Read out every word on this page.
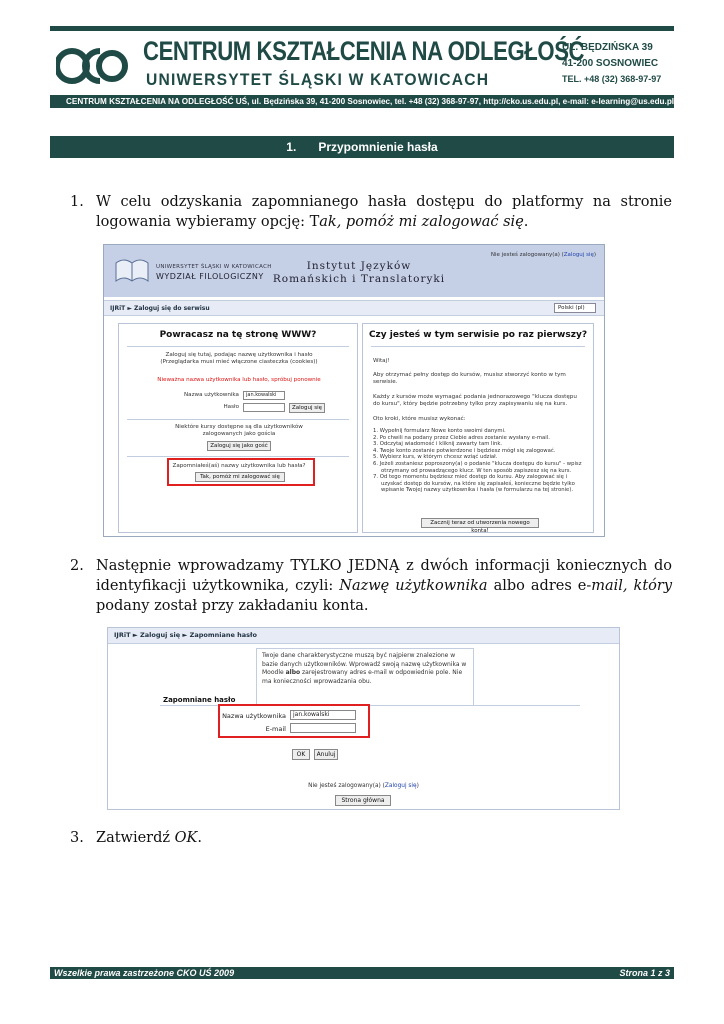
CENTRUM KSZTAŁCENIA NA ODLEGŁOŚĆ
UNIWERSYTET ŚLĄSKI W KATOWICACH
UL. BĘDZIŃSKA 39
41-200 SOSNOWIEC
TEL. +48 (32) 368-97-97
CENTRUM KSZTAŁCENIA NA ODLEGŁOŚĆ UŚ, ul. Będzińska 39, 41-200 Sosnowiec, tel. +48 (32) 368-97-97, http://cko.us.edu.pl, e-mail: e-learning@us.edu.pl
1. Przypomnienie hasła
1. W celu odzyskania zapomnianego hasła dostępu do platformy na stronie logowania wybieramy opcję: Tak, pomóż mi zalogować się.
UNIWERSYTET ŚLĄSKI W KATOWICACH
WYDZIAŁ FILOLOGICZNY
Instytut Języków
Romańskich i Translatoryki
Nie jesteś zalogowany(a) (Zaloguj się)
IJRiT ► Zaloguj się do serwisu	Polski (pl)
Powracasz na tę stronę WWW?
Zaloguj się tutaj, podając nazwę użytkownika i hasło (Przeglądarka musi mieć włączone ciasteczka (cookies))
Nieważna nazwa użytkownika lub hasło, spróbuj ponownie
Nazwa użytkownika	jan.kowalski
Hasło	Zaloguj się
Niektóre kursy dostępne są dla użytkowników zalogowanych jako gościa
Zaloguj się jako gość
Zapomniałeś(aś) nazwy użytkownika lub hasła?
Tak, pomóż mi zalogować się
Czy jesteś w tym serwisie po raz pierwszy?
Witaj!
Aby otrzymać pełny dostęp do kursów, musisz stworzyć konto w tym serwisie.
Każdy z kursów może wymagać podania jednorazowego "klucza dostępu do kursu", który będzie potrzebny tylko przy zapisywaniu się na kurs.
Oto kroki, które musisz wykonać:
1. Wypełnij formularz Nowe konto swoimi danymi.
2. Po chwili na podany przez Ciebie adres zostanie wysłany e-mail.
3. Odczytaj wiadomość i kliknij zawarty tam link.
4. Twoje konto zostanie potwierdzone i będziesz mógł się zalogować.
5. Wybierz kurs, w którym chcesz wziąć udział.
6. Jeżeli zostaniesz poproszony(a) o podanie "klucza dostępu do kursu" - wpisz otrzymany od prowadzącego klucz. W ten sposób zapiszesz się na kurs.
7. Od tego momentu będziesz mieć dostęp do kursu. Aby zalogować się i uzyskać dostęp do kursów, na które się zapisałeś, konieczne będzie tylko wpisanie Twojej nazwy użytkownika i hasła (w formularzu na tej stronie).
Zacznij teraz od utworzenia nowego konta!
2. Następnie wprowadzamy TYLKO JEDNĄ z dwóch informacji koniecznych do identyfikacji użytkownika, czyli: Nazwę użytkownika albo adres e-mail, który podany został przy zakładaniu konta.
IJRiT ► Zaloguj się ► Zapomniane hasło
Twoje dane charakterystyczne muszą być najpierw znalezione w bazie danych użytkowników. Wprowadź swoją nazwę użytkownika w Moodle albo zarejestrowany adres e-mail w odpowiednie pole. Nie ma konieczności wprowadzania obu.
Zapomniane hasło
Nazwa użytkownika	jan.kowalski
E-mail
OK	Anuluj
Nie jesteś zalogowany(a) (Zaloguj się)
Strona główna
3. Zatwierdź OK.
Wszelkie prawa zastrzeżone CKO UŚ 2009	Strona 1 z 3
